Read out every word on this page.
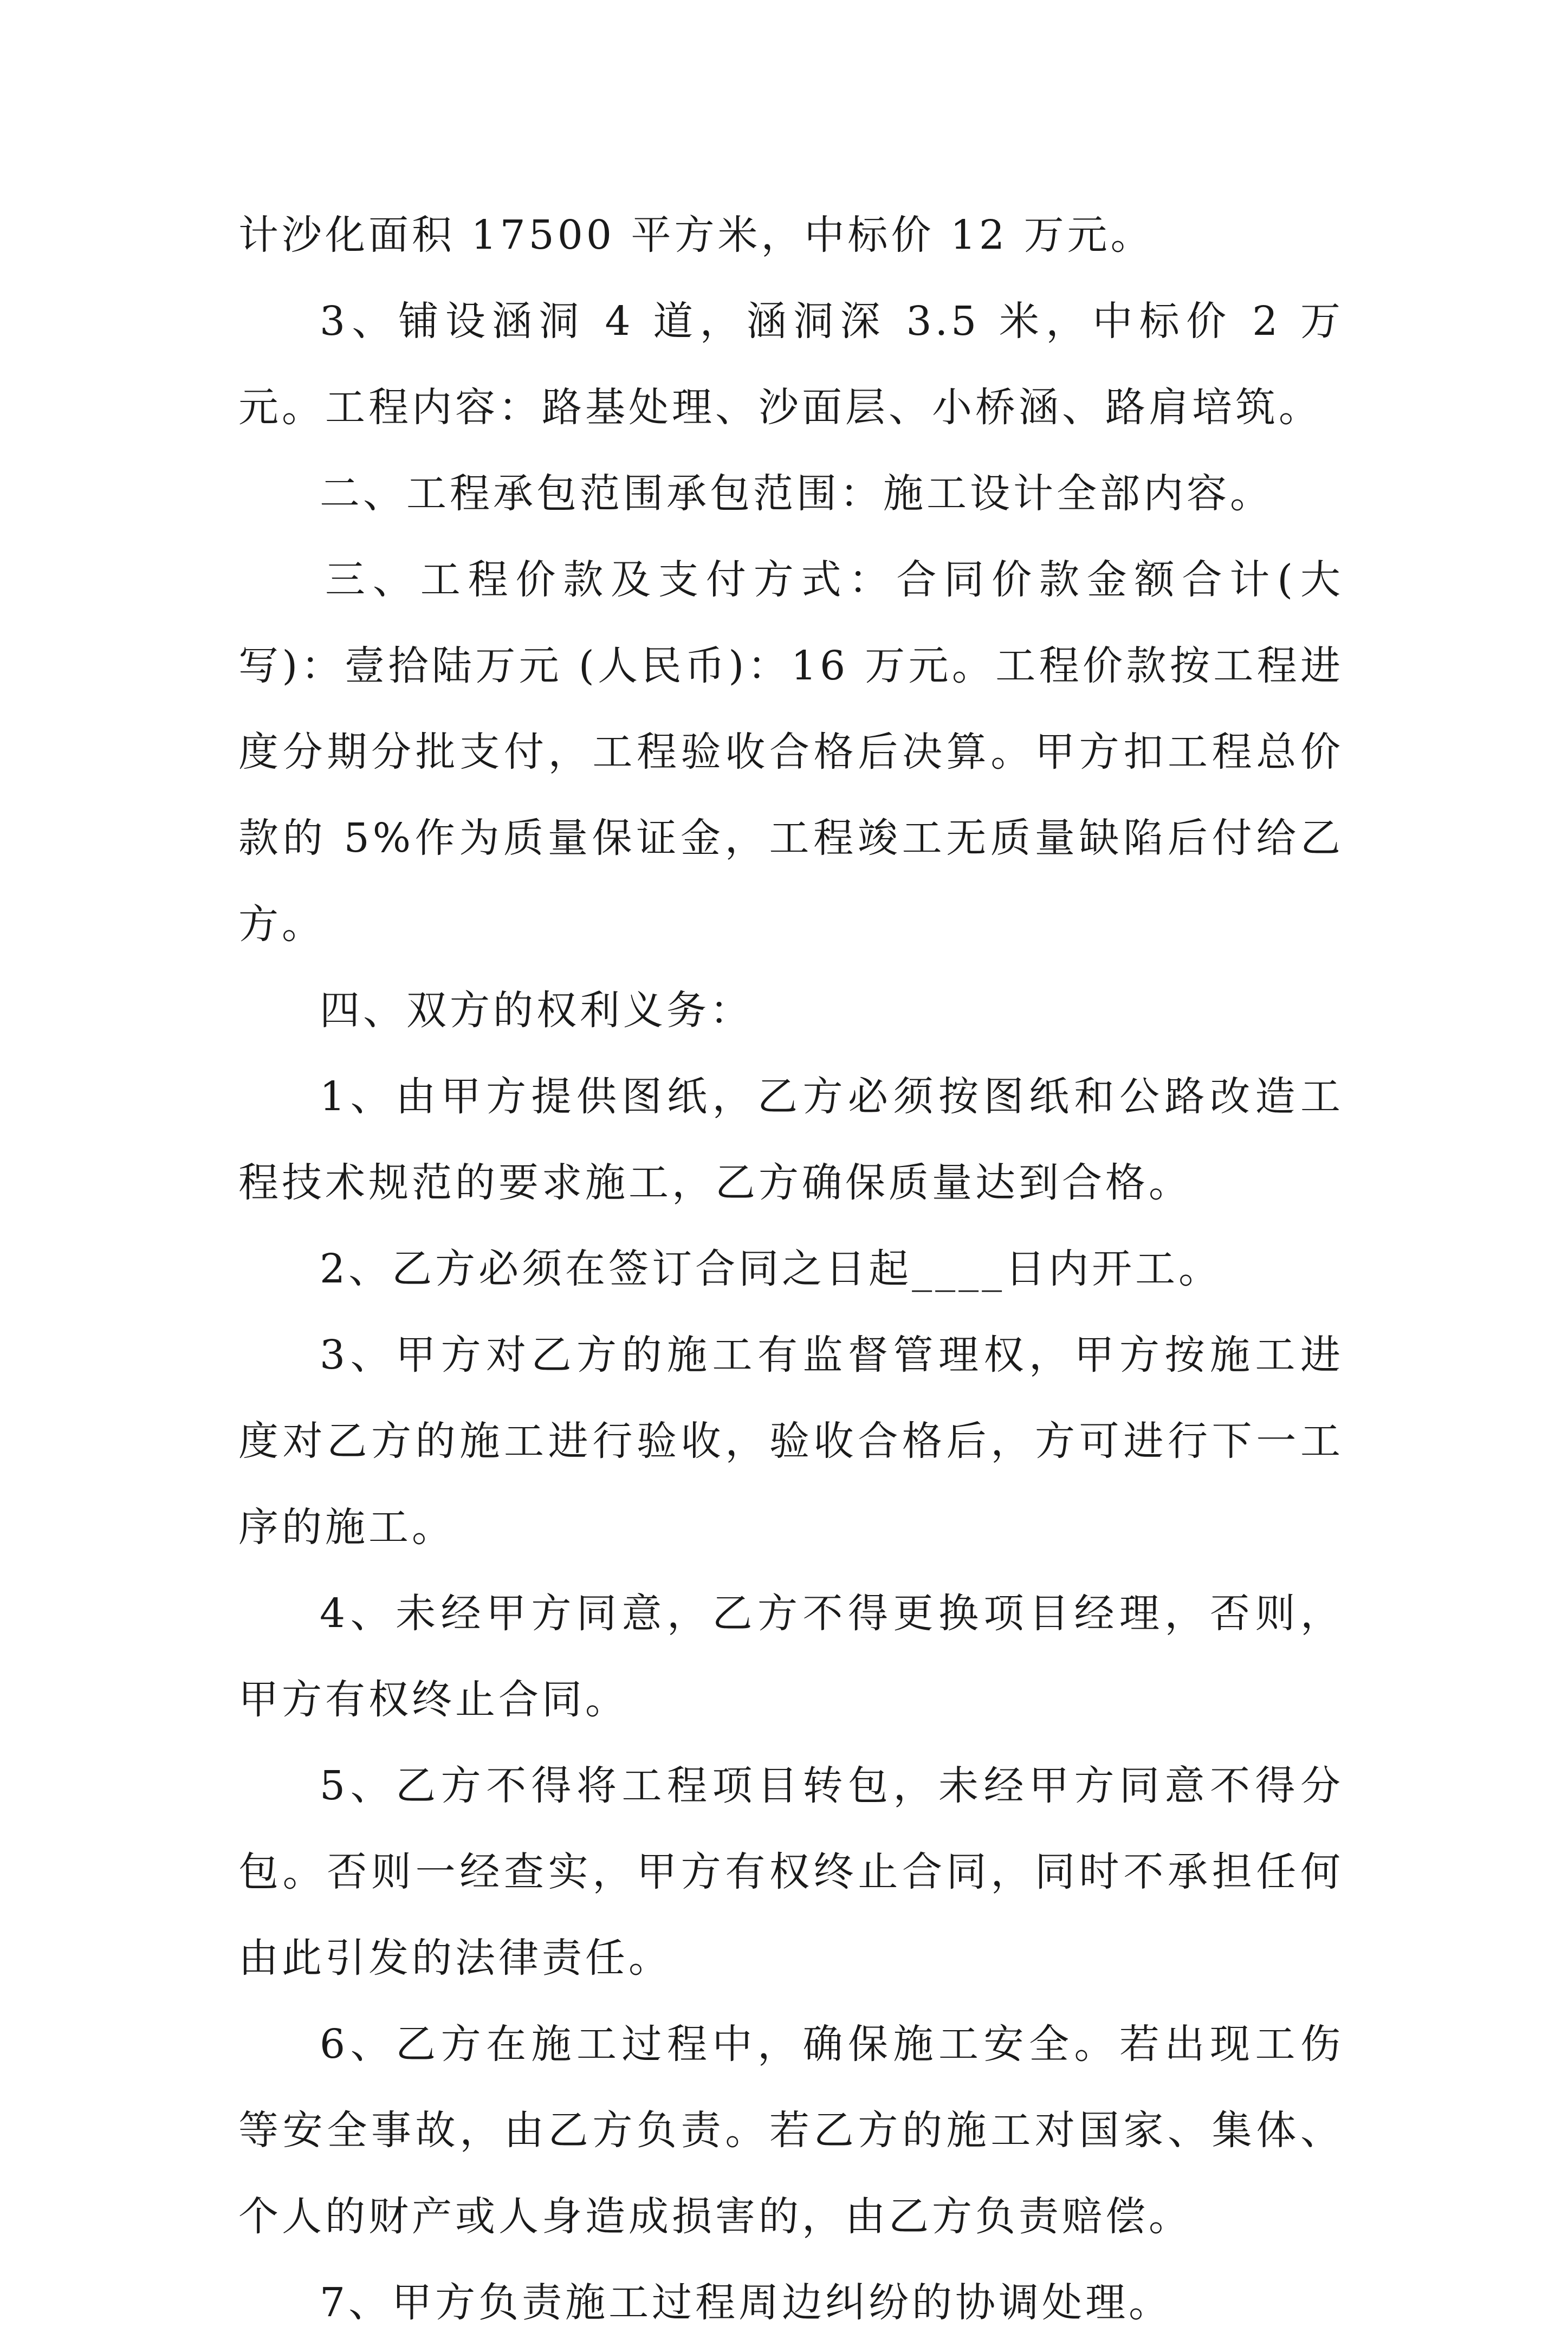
计沙化面积 17500 平方米，中标价 12 万元。

3、铺设涵洞 4 道，涵洞深 3.5 米，中标价 2 万元。工程内容：路基处理、沙面层、小桥涵、路肩培筑。

二、工程承包范围承包范围：施工设计全部内容。

三、工程价款及支付方式：合同价款金额合计(大写)：壹拾陆万元 (人民币)：16 万元。工程价款按工程进度分期分批支付，工程验收合格后决算。甲方扣工程总价款的 5%作为质量保证金，工程竣工无质量缺陷后付给乙方。

四、双方的权利义务：

1、由甲方提供图纸，乙方必须按图纸和公路改造工程技术规范的要求施工，乙方确保质量达到合格。

2、乙方必须在签订合同之日起____日内开工。

3、甲方对乙方的施工有监督管理权，甲方按施工进度对乙方的施工进行验收，验收合格后，方可进行下一工序的施工。

4、未经甲方同意，乙方不得更换项目经理，否则，甲方有权终止合同。

5、乙方不得将工程项目转包，未经甲方同意不得分包。否则一经查实，甲方有权终止合同，同时不承担任何由此引发的法律责任。

6、乙方在施工过程中，确保施工安全。若出现工伤等安全事故，由乙方负责。若乙方的施工对国家、集体、个人的财产或人身造成损害的，由乙方负责赔偿。

7、甲方负责施工过程周边纠纷的协调处理。
